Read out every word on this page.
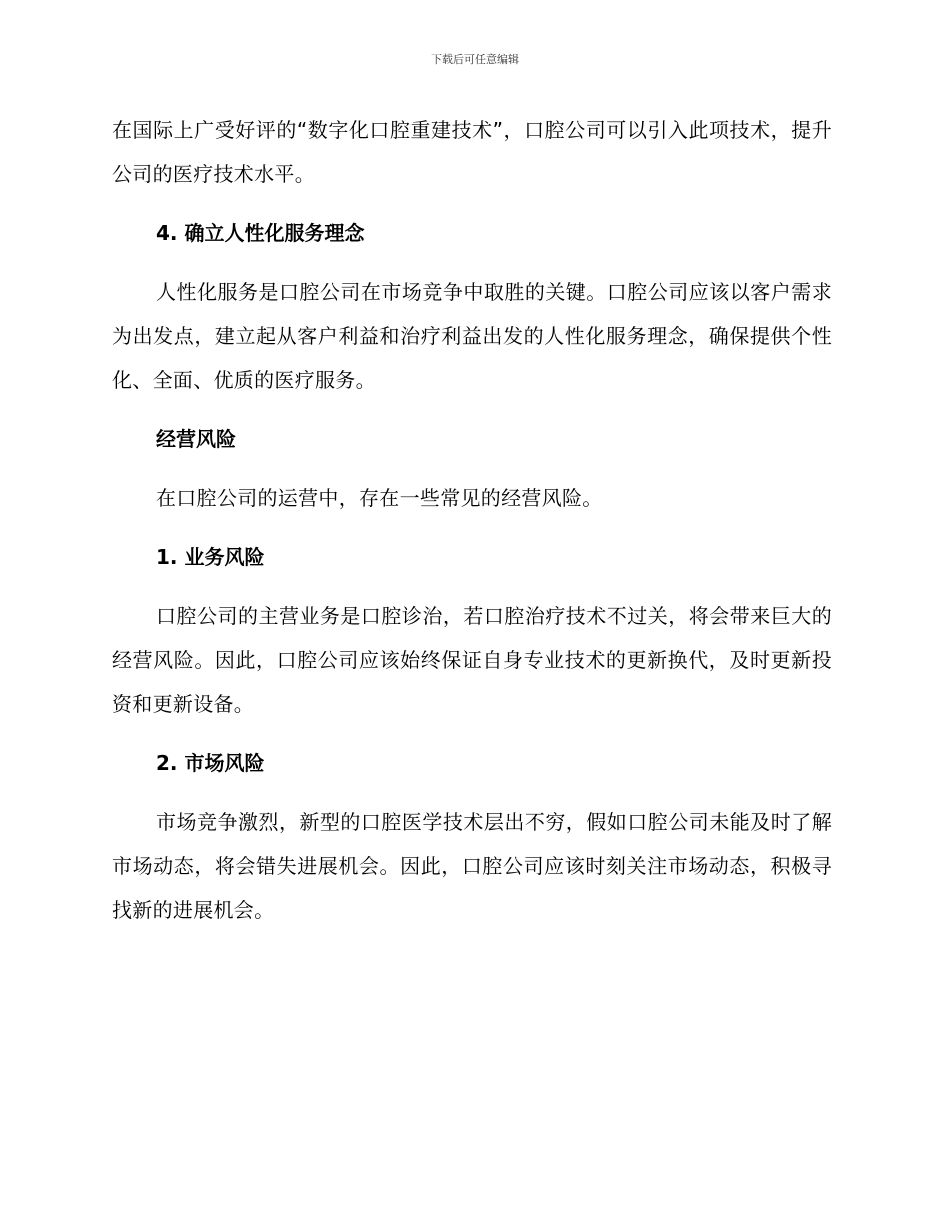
下载后可任意编辑

在国际上广受好评的“数字化口腔重建技术”，口腔公司可以引入此项技术，提升公司的医疗技术水平。

4. 确立人性化服务理念

人性化服务是口腔公司在市场竞争中取胜的关键。口腔公司应该以客户需求为出发点，建立起从客户利益和治疗利益出发的人性化服务理念，确保提供个性化、全面、优质的医疗服务。

经营风险

在口腔公司的运营中，存在一些常见的经营风险。

1. 业务风险

口腔公司的主营业务是口腔诊治，若口腔治疗技术不过关，将会带来巨大的经营风险。因此，口腔公司应该始终保证自身专业技术的更新换代，及时更新投资和更新设备。

2. 市场风险

市场竞争激烈，新型的口腔医学技术层出不穷，假如口腔公司未能及时了解市场动态，将会错失进展机会。因此，口腔公司应该时刻关注市场动态，积极寻找新的进展机会。
